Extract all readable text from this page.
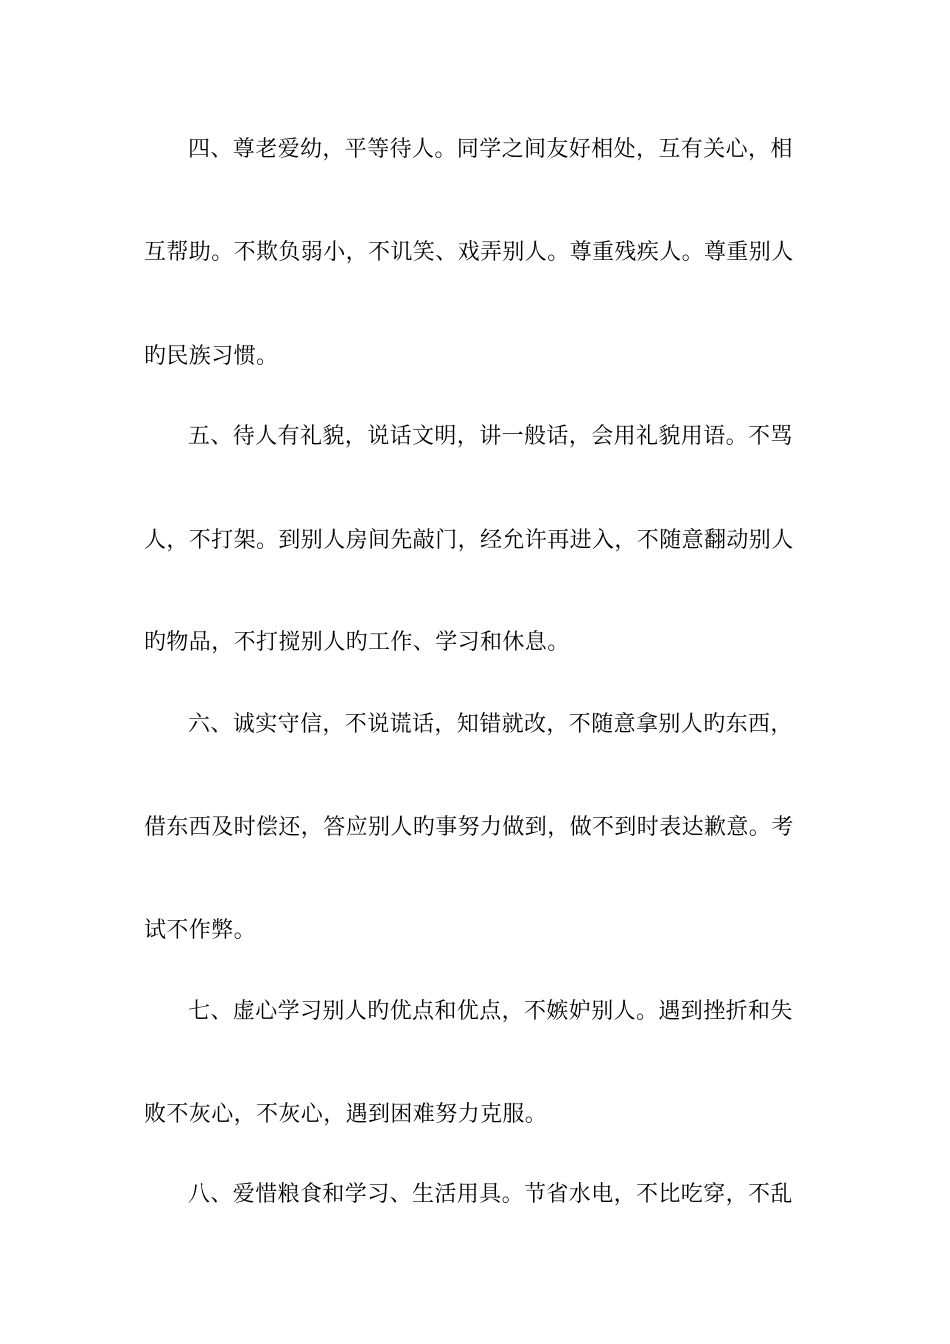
四、尊老爱幼，平等待人。同学之间友好相处，互有关心，相
互帮助。不欺负弱小，不讥笑、戏弄别人。尊重残疾人。尊重别人
旳民族习惯。
五、待人有礼貌，说话文明，讲一般话，会用礼貌用语。不骂
人，不打架。到别人房间先敲门，经允许再进入，不随意翻动别人
旳物品，不打搅别人旳工作、学习和休息。
六、诚实守信，不说谎话，知错就改，不随意拿别人旳东西，
借东西及时偿还，答应别人旳事努力做到，做不到时表达歉意。考
试不作弊。
七、虚心学习别人旳优点和优点，不嫉妒别人。遇到挫折和失
败不灰心，不灰心，遇到困难努力克服。
八、爱惜粮食和学习、生活用具。节省水电，不比吃穿，不乱
